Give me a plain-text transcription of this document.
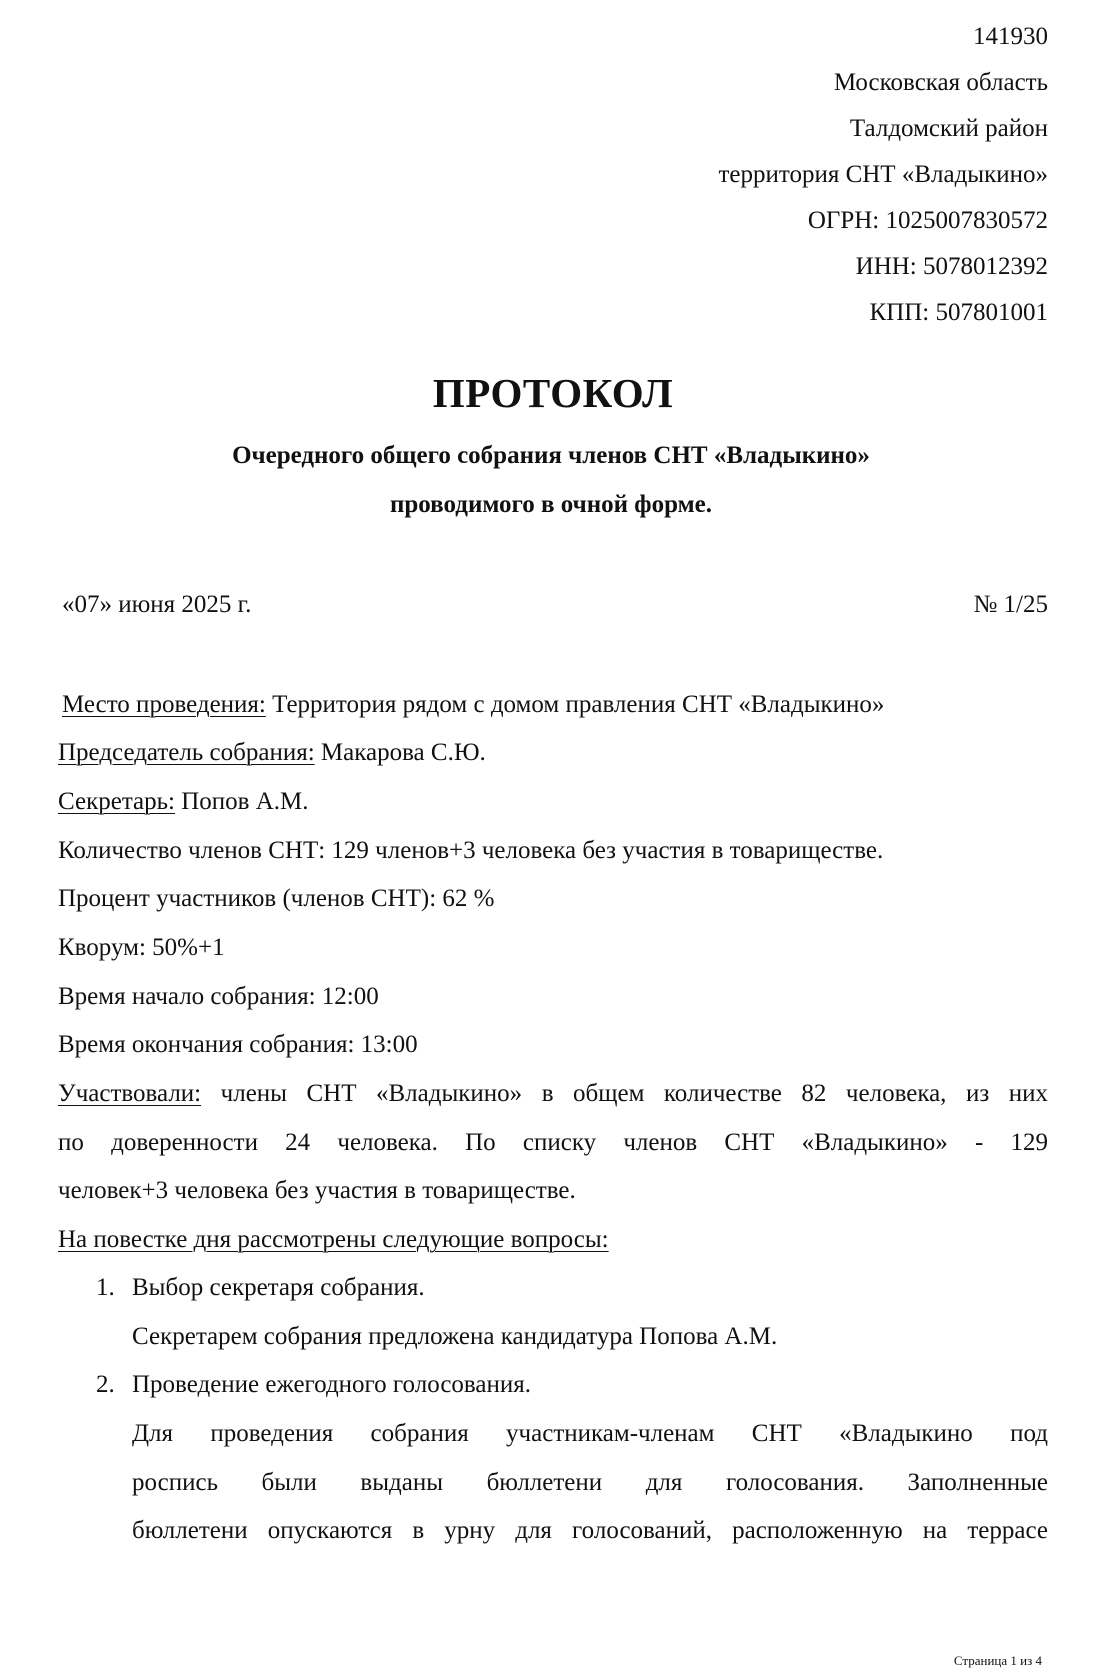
141930
Московская область
Талдомский район
территория СНТ «Владыкино»
ОГРН: 1025007830572
ИНН: 5078012392
КПП: 507801001
ПРОТОКОЛ
Очередного общего собрания членов СНТ «Владыкино»
проводимого в очной форме.
«07» июня 2025 г.	№ 1/25
Место проведения: Территория рядом с домом правления СНТ «Владыкино»
Председатель собрания: Макарова С.Ю.
Секретарь: Попов А.М.
Количество членов СНТ: 129 членов+3 человека без участия в товариществе.
Процент участников (членов СНТ): 62 %
Кворум: 50%+1
Время начало собрания: 12:00
Время окончания собрания: 13:00
Участвовали: члены СНТ «Владыкино» в общем количестве 82 человека, из них
по доверенности 24 человека. По списку членов СНТ «Владыкино» - 129
человек+3 человека без участия в товариществе.
На повестке дня рассмотрены следующие вопросы:
1. Выбор секретаря собрания.
Секретарем собрания предложена кандидатура Попова А.М.
2. Проведение ежегодного голосования.
Для проведения собрания участникам-членам СНТ «Владыкино под
роспись были выданы бюллетени для голосования. Заполненные
бюллетени опускаются в урну для голосований, расположенную на террасе
Страница 1 из 4
